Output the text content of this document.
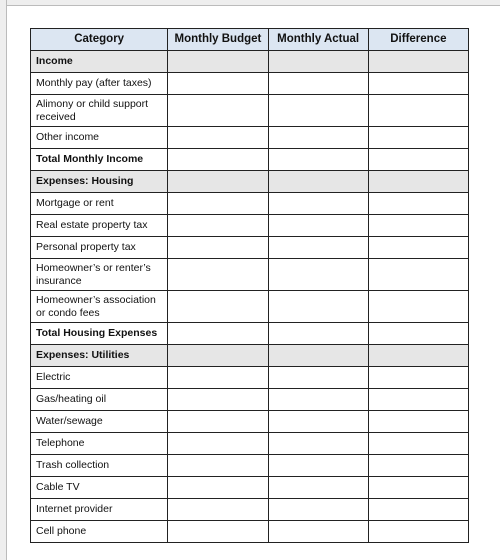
Category	Monthly Budget	Monthly Actual	Difference
Income			
Monthly pay (after taxes)			
Alimony or child support received			
Other income			
Total Monthly Income			
Expenses: Housing			
Mortgage or rent			
Real estate property tax			
Personal property tax			
Homeowner’s or renter’s insurance			
Homeowner’s association or condo fees			
Total Housing Expenses			
Expenses: Utilities			
Electric			
Gas/heating oil			
Water/sewage			
Telephone			
Trash collection			
Cable TV			
Internet provider			
Cell phone			
